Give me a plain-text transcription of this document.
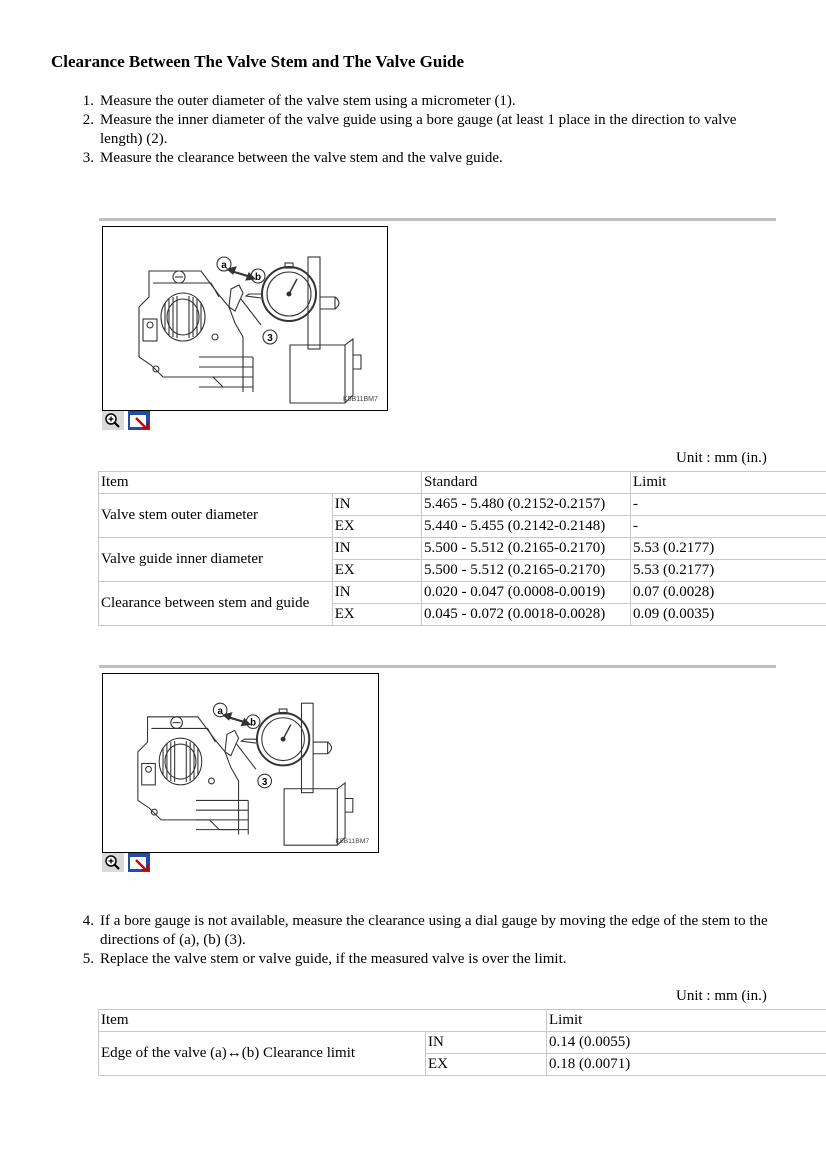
Clearance Between The Valve Stem and The Valve Guide
1. Measure the outer diameter of the valve stem using a micrometer (1).
2. Measure the inner diameter of the valve guide using a bore gauge (at least 1 place in the direction to valve length) (2).
3. Measure the clearance between the valve stem and the valve guide.
a
b
3
K5B11BM7
Unit : mm (in.)
Item		Standard	Limit
Valve stem outer diameter	IN	5.465 - 5.480 (0.2152-0.2157)	-
	EX	5.440 - 5.455 (0.2142-0.2148)	-
Valve guide inner diameter	IN	5.500 - 5.512 (0.2165-0.2170)	5.53 (0.2177)
	EX	5.500 - 5.512 (0.2165-0.2170)	5.53 (0.2177)
Clearance between stem and guide	IN	0.020 - 0.047 (0.0008-0.0019)	0.07 (0.0028)
	EX	0.045 - 0.072 (0.0018-0.0028)	0.09 (0.0035)
a
b
3
K5B11BM7
4. If a bore gauge is not available, measure the clearance using a dial gauge by moving the edge of the stem to the directions of (a), (b) (3).
5. Replace the valve stem or valve guide, if the measured valve is over the limit.
Unit : mm (in.)
Item		Limit
Edge of the valve (a)↔(b) Clearance limit	IN	0.14 (0.0055)
	EX	0.18 (0.0071)
